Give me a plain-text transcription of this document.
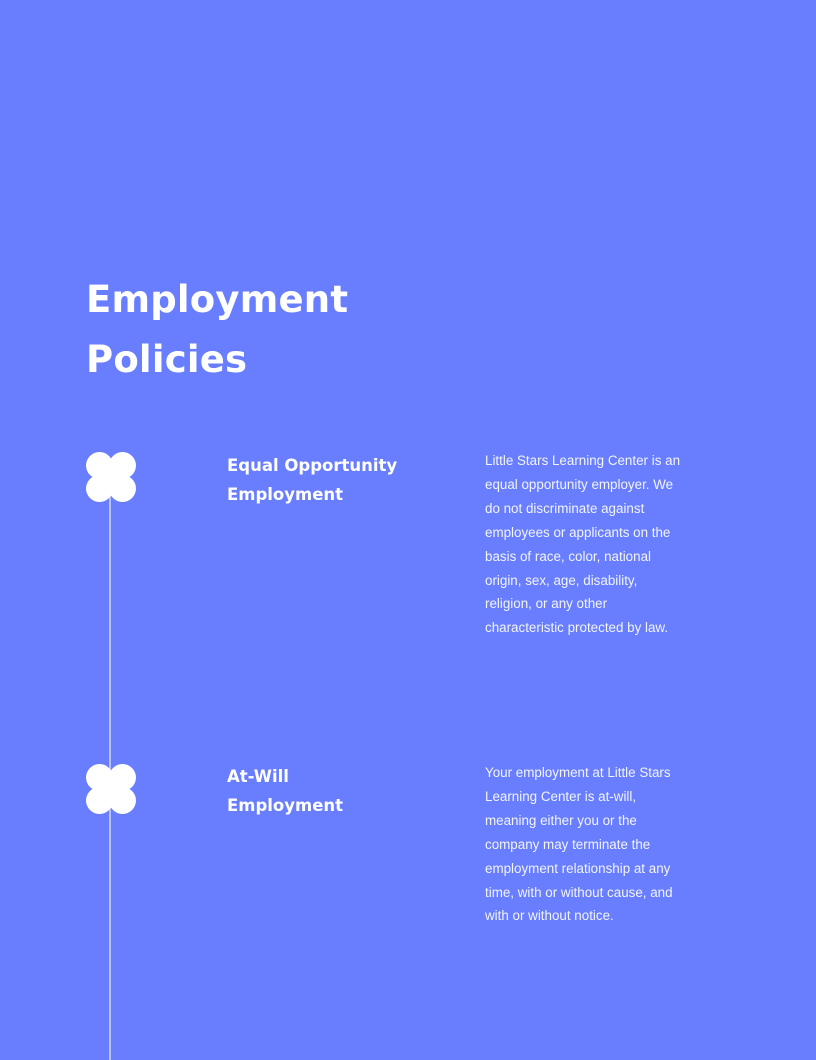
Employment
Policies
Equal Opportunity
Employment

Little Stars Learning Center is an
equal opportunity employer. We
do not discriminate against
employees or applicants on the
basis of race, color, national
origin, sex, age, disability,
religion, or any other
characteristic protected by law.

At-Will
Employment

Your employment at Little Stars
Learning Center is at-will,
meaning either you or the
company may terminate the
employment relationship at any
time, with or without cause, and
with or without notice.
